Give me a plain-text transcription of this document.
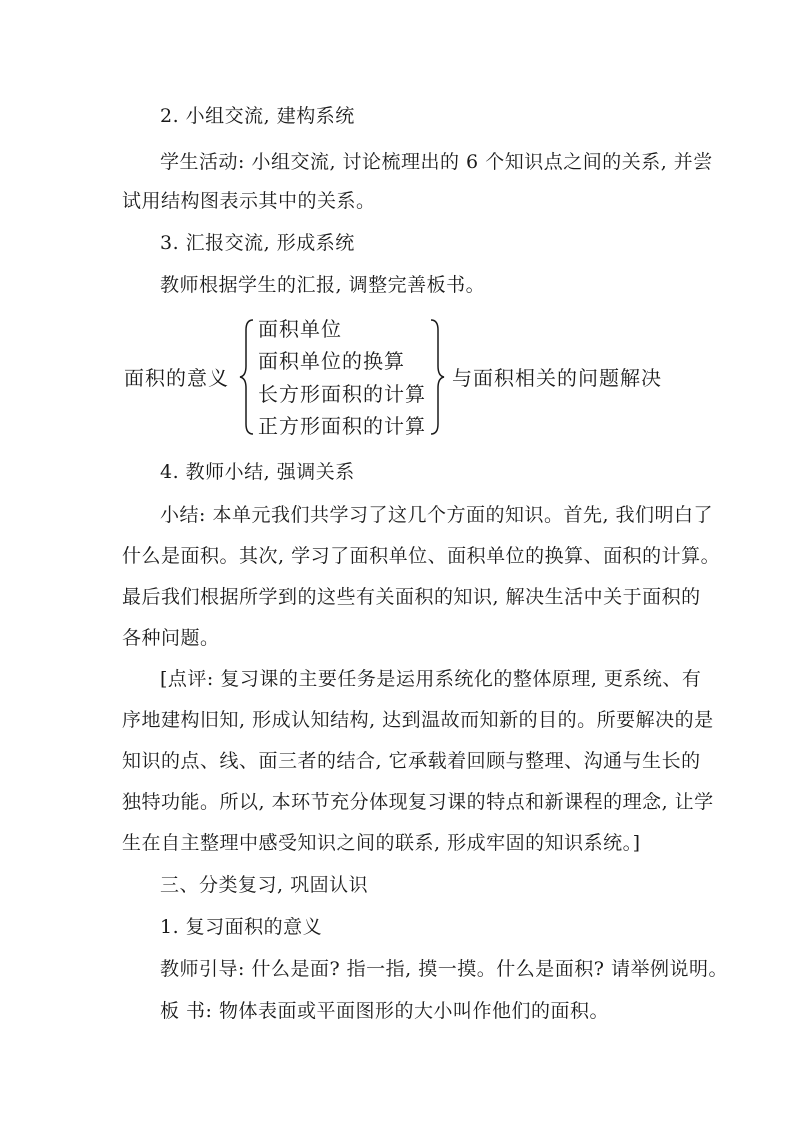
2. 小组交流, 建构系统
学生活动: 小组交流, 讨论梳理出的 6 个知识点之间的关系, 并尝
试用结构图表示其中的关系。
3. 汇报交流, 形成系统
教师根据学生的汇报, 调整完善板书。
面积的意义
面积单位
面积单位的换算
长方形面积的计算
正方形面积的计算
与面积相关的问题解决
4. 教师小结, 强调关系
小结: 本单元我们共学习了这几个方面的知识。首先, 我们明白了
什么是面积。其次, 学习了面积单位、面积单位的换算、面积的计算。
最后我们根据所学到的这些有关面积的知识, 解决生活中关于面积的
各种问题。
[点评: 复习课的主要任务是运用系统化的整体原理, 更系统、有
序地建构旧知, 形成认知结构, 达到温故而知新的目的。所要解决的是
知识的点、线、面三者的结合, 它承载着回顾与整理、沟通与生长的
独特功能。所以, 本环节充分体现复习课的特点和新课程的理念, 让学
生在自主整理中感受知识之间的联系, 形成牢固的知识系统。]
三、分类复习, 巩固认识
1. 复习面积的意义
教师引导: 什么是面? 指一指, 摸一摸。什么是面积? 请举例说明。
板 书: 物体表面或平面图形的大小叫作他们的面积。
